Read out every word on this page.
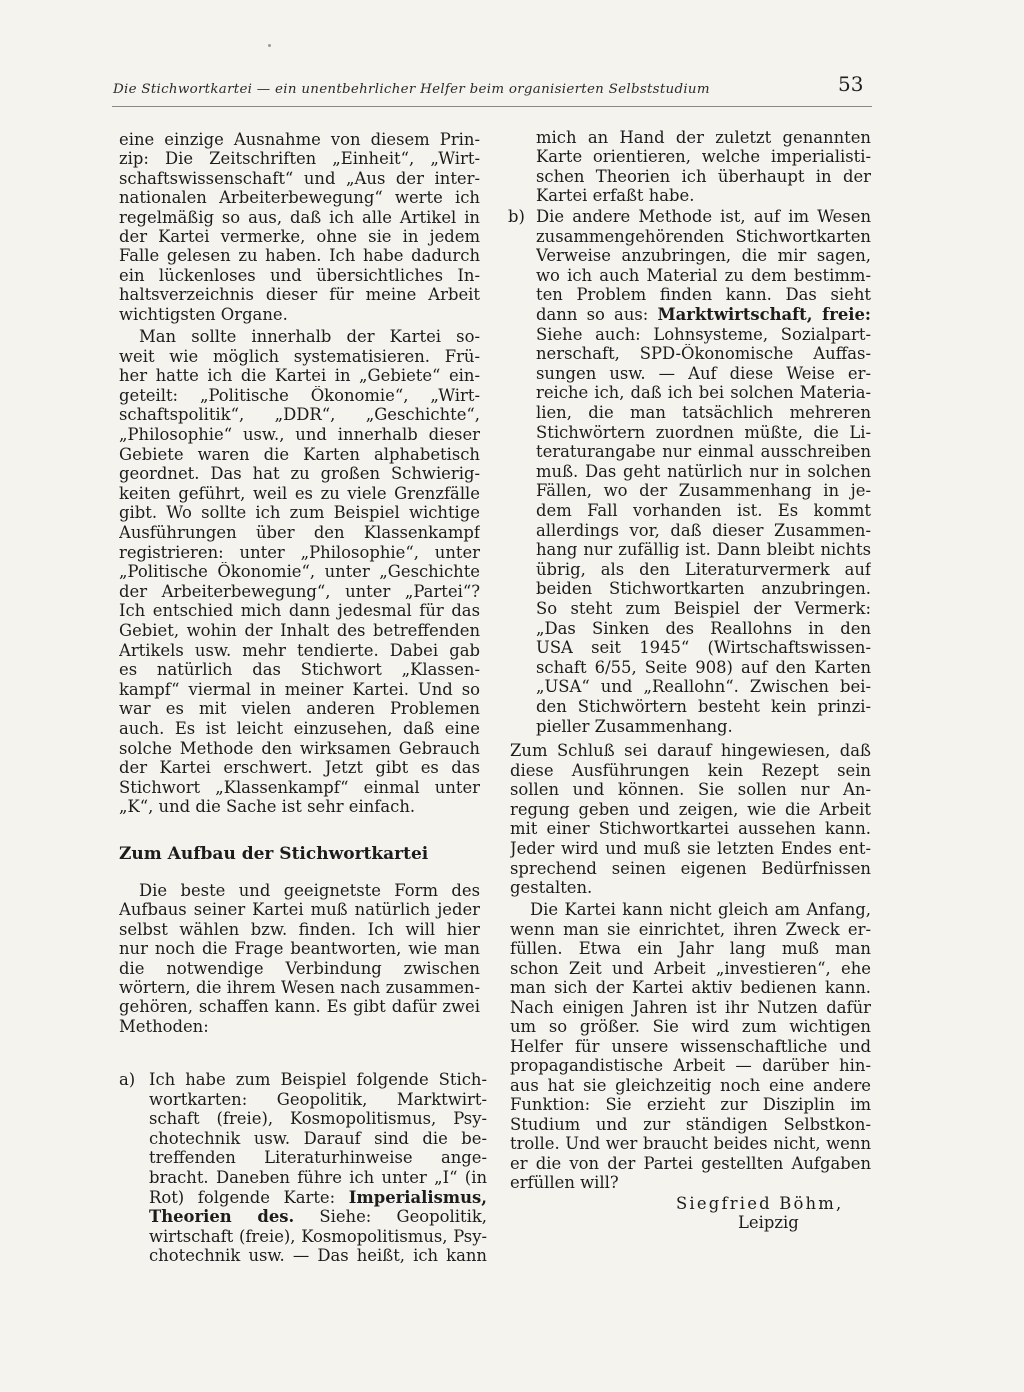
Die Stichwortkartei — ein unentbehrlicher Helfer beim organisierten Selbststudium	53
eine einzige Ausnahme von diesem Prin-
zip: Die Zeitschriften „Einheit“, „Wirt-
schaftswissenschaft“ und „Aus der inter-
nationalen Arbeiterbewegung“ werte ich
regelmäßig so aus, daß ich alle Artikel in
der Kartei vermerke, ohne sie in jedem
Falle gelesen zu haben. Ich habe dadurch
ein lückenloses und übersichtliches In-
haltsverzeichnis dieser für meine Arbeit
wichtigsten Organe.
Man sollte innerhalb der Kartei so-
weit wie möglich systematisieren. Frü-
her hatte ich die Kartei in „Gebiete“ ein-
geteilt: „Politische Ökonomie“, „Wirt-
schaftspolitik“, „DDR“, „Geschichte“,
„Philosophie“ usw., und innerhalb dieser
Gebiete waren die Karten alphabetisch
geordnet. Das hat zu großen Schwierig-
keiten geführt, weil es zu viele Grenzfälle
gibt. Wo sollte ich zum Beispiel wichtige
Ausführungen über den Klassenkampf
registrieren: unter „Philosophie“, unter
„Politische Ökonomie“, unter „Geschichte
der Arbeiterbewegung“, unter „Partei“?
Ich entschied mich dann jedesmal für das
Gebiet, wohin der Inhalt des betreffenden
Artikels usw. mehr tendierte. Dabei gab
es natürlich das Stichwort „Klassen-
kampf“ viermal in meiner Kartei. Und so
war es mit vielen anderen Problemen
auch. Es ist leicht einzusehen, daß eine
solche Methode den wirksamen Gebrauch
der Kartei erschwert. Jetzt gibt es das
Stichwort „Klassenkampf“ einmal unter
„K“, und die Sache ist sehr einfach.
Zum Aufbau der Stichwortkartei
Die beste und geeignetste Form des
Aufbaus seiner Kartei muß natürlich jeder
selbst wählen bzw. finden. Ich will hier
nur noch die Frage beantworten, wie man
die notwendige Verbindung zwischen
wörtern, die ihrem Wesen nach zusammen-
gehören, schaffen kann. Es gibt dafür zwei
Methoden:
a) Ich habe zum Beispiel folgende Stich-
wortkarten: Geopolitik, Marktwirt-
schaft (freie), Kosmopolitismus, Psy-
chotechnik usw. Darauf sind die be-
treffenden Literaturhinweise ange-
bracht. Daneben führe ich unter „I“ (in
Rot) folgende Karte: Imperialismus,
Theorien des. Siehe: Geopolitik,
wirtschaft (freie), Kosmopolitismus, Psy-
chotechnik usw. — Das heißt, ich kann
mich an Hand der zuletzt genannten
Karte orientieren, welche imperialisti-
schen Theorien ich überhaupt in der
Kartei erfaßt habe.
b) Die andere Methode ist, auf im Wesen
zusammengehörenden Stichwortkarten
Verweise anzubringen, die mir sagen,
wo ich auch Material zu dem bestimm-
ten Problem finden kann. Das sieht
dann so aus: Marktwirtschaft, freie:
Siehe auch: Lohnsysteme, Sozialpart-
nerschaft, SPD-Ökonomische Auffas-
sungen usw. — Auf diese Weise er-
reiche ich, daß ich bei solchen Materia-
lien, die man tatsächlich mehreren
Stichwörtern zuordnen müßte, die Li-
teraturangabe nur einmal ausschreiben
muß. Das geht natürlich nur in solchen
Fällen, wo der Zusammenhang in je-
dem Fall vorhanden ist. Es kommt
allerdings vor, daß dieser Zusammen-
hang nur zufällig ist. Dann bleibt nichts
übrig, als den Literaturvermerk auf
beiden Stichwortkarten anzubringen.
So steht zum Beispiel der Vermerk:
„Das Sinken des Reallohns in den
USA seit 1945“ (Wirtschaftswissen-
schaft 6/55, Seite 908) auf den Karten
„USA“ und „Reallohn“. Zwischen bei-
den Stichwörtern besteht kein prinzi-
pieller Zusammenhang.
Zum Schluß sei darauf hingewiesen, daß
diese Ausführungen kein Rezept sein
sollen und können. Sie sollen nur An-
regung geben und zeigen, wie die Arbeit
mit einer Stichwortkartei aussehen kann.
Jeder wird und muß sie letzten Endes ent-
sprechend seinen eigenen Bedürfnissen
gestalten.
Die Kartei kann nicht gleich am Anfang,
wenn man sie einrichtet, ihren Zweck er-
füllen. Etwa ein Jahr lang muß man
schon Zeit und Arbeit „investieren“, ehe
man sich der Kartei aktiv bedienen kann.
Nach einigen Jahren ist ihr Nutzen dafür
um so größer. Sie wird zum wichtigen
Helfer für unsere wissenschaftliche und
propagandistische Arbeit — darüber hin-
aus hat sie gleichzeitig noch eine andere
Funktion: Sie erzieht zur Disziplin im
Studium und zur ständigen Selbstkon-
trolle. Und wer braucht beides nicht, wenn
er die von der Partei gestellten Aufgaben
erfüllen will?
Siegfried Böhm,
Leipzig
